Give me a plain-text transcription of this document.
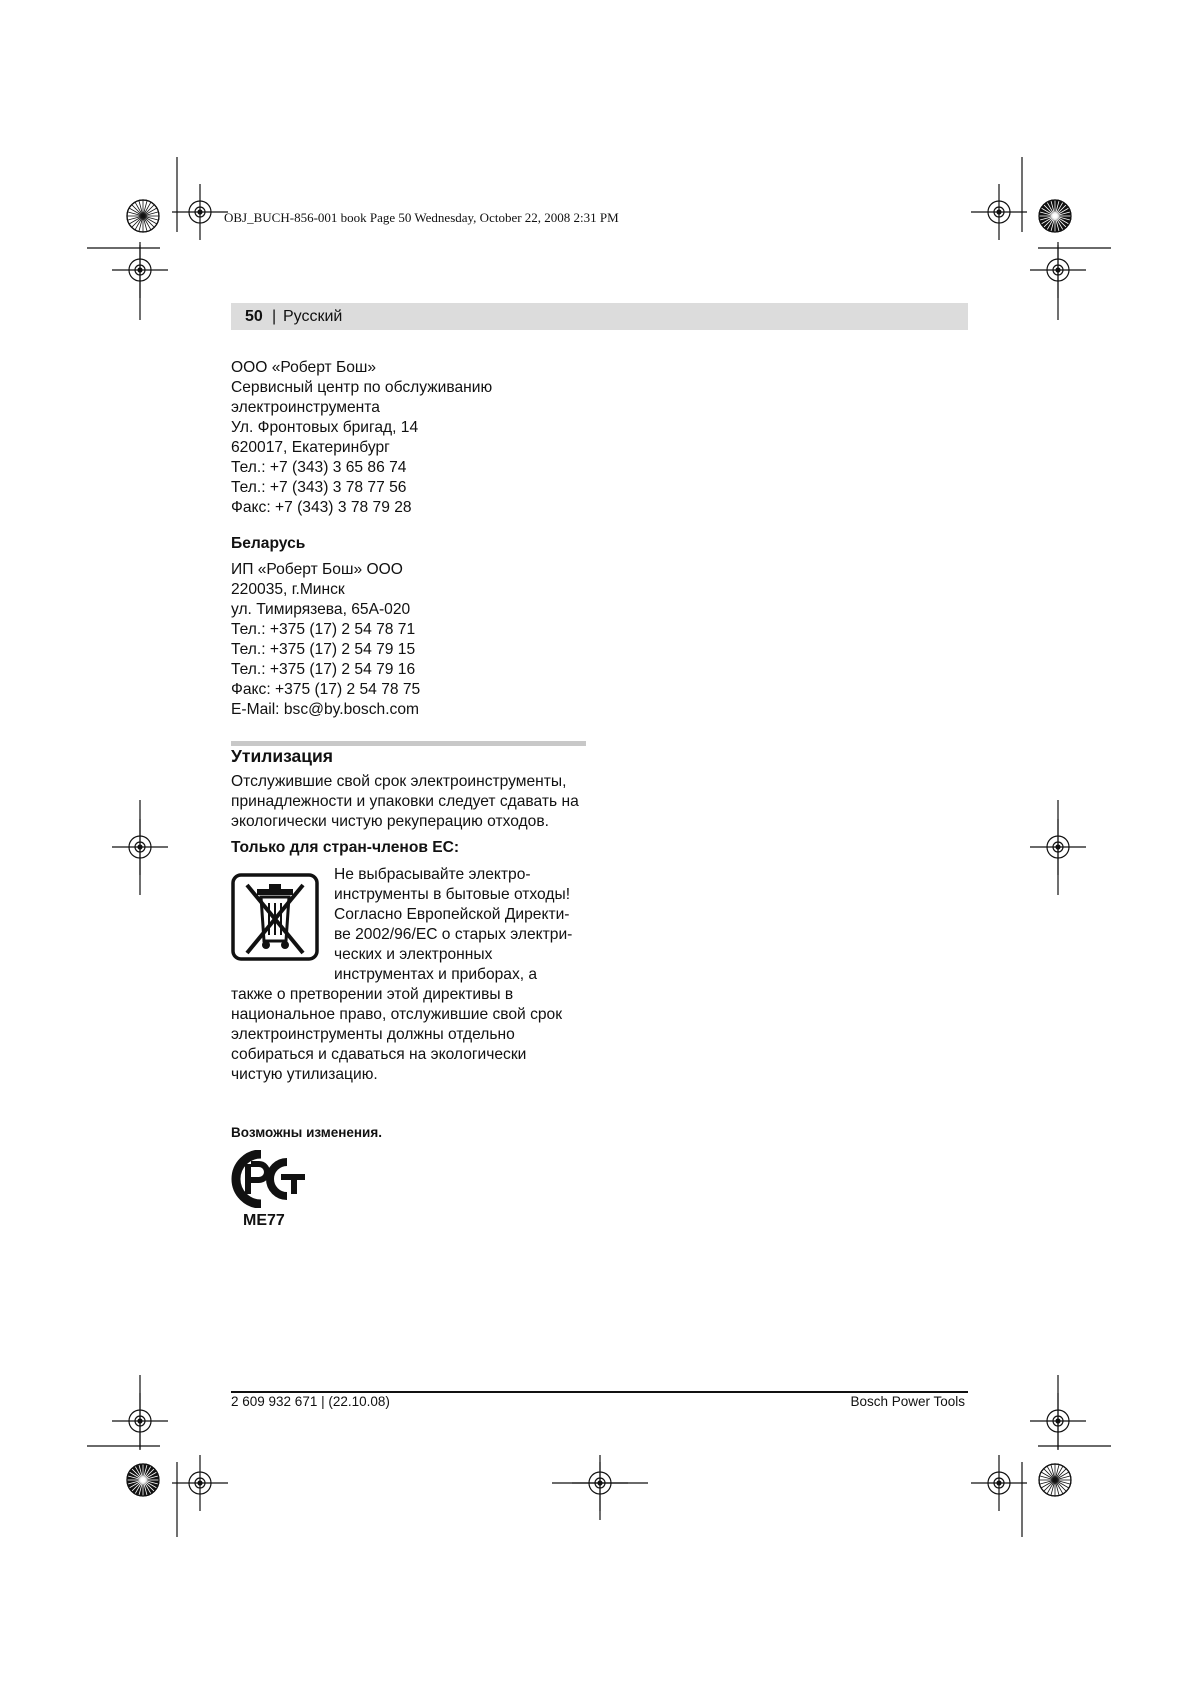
OBJ_BUCH-856-001 book Page 50 Wednesday, October 22, 2008 2:31 PM
50 | Русский
ООО «Роберт Бош»
Сервисный центр по обслуживанию
электроинструмента
Ул. Фронтовых бригад, 14
620017, Екатеринбург
Тел.: +7 (343) 3 65 86 74
Тел.: +7 (343) 3 78 77 56
Факс: +7 (343) 3 78 79 28
Беларусь
ИП «Роберт Бош» ООО
220035, г.Минск
ул. Тимирязева, 65А-020
Тел.: +375 (17) 2 54 78 71
Тел.: +375 (17) 2 54 79 15
Тел.: +375 (17) 2 54 79 16
Факс: +375 (17) 2 54 78 75
E-Mail: bsc@by.bosch.com
Утилизация
Отслужившие свой срок электроинструменты,
принадлежности и упаковки следует сдавать на
экологически чистую рекуперацию отходов.
Только для стран-членов ЕС:
Не выбрасывайте электро-
инструменты в бытовые отходы!
Согласно Европейской Директи-
ве 2002/96/ЕС о старых электри-
ческих и электронных
инструментах и приборах, а
также о претворении этой директивы в
национальное право, отслужившие свой срок
электроинструменты должны отдельно
собираться и сдаваться на экологически
чистую утилизацию.
Возможны изменения.
ME77
2 609 932 671 | (22.10.08)	Bosch Power Tools
